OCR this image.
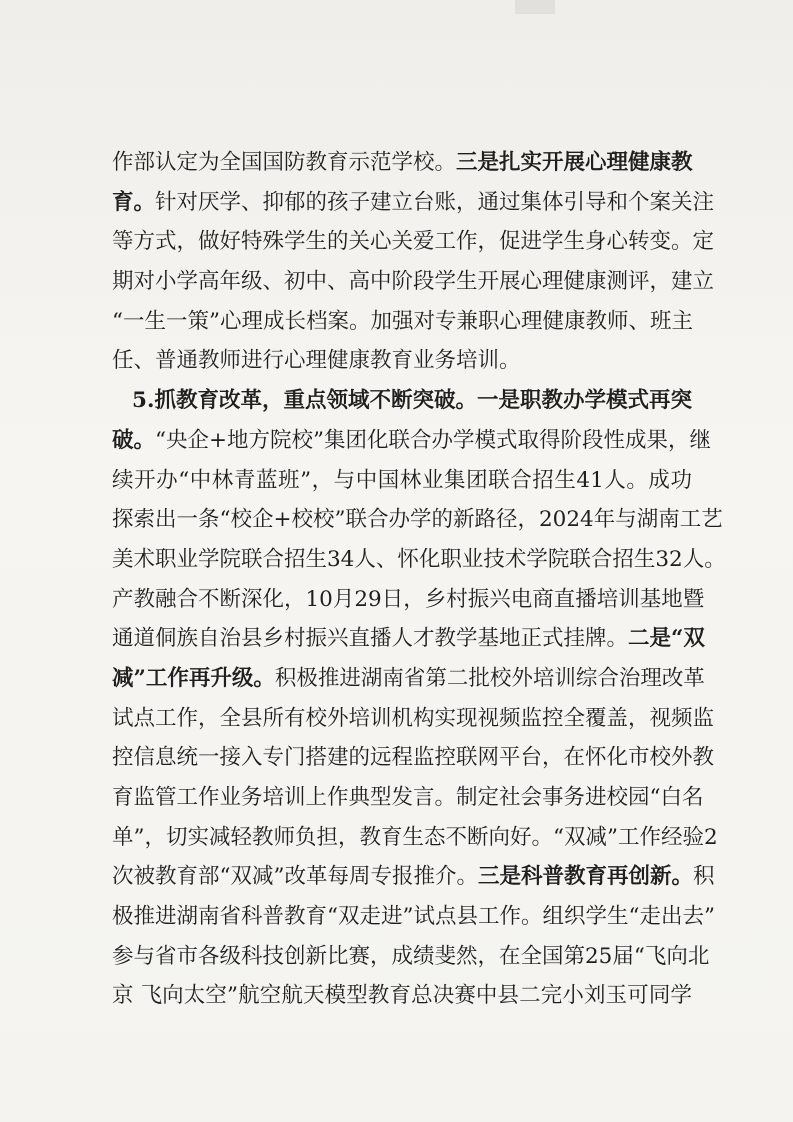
作部认定为全国国防教育示范学校。三是扎实开展心理健康教
育。针对厌学、抑郁的孩子建立台账，通过集体引导和个案关注
等方式，做好特殊学生的关心关爱工作，促进学生身心转变。定
期对小学高年级、初中、高中阶段学生开展心理健康测评，建立
“一生一策”心理成长档案。加强对专兼职心理健康教师、班主
任、普通教师进行心理健康教育业务培训。
5.抓教育改革，重点领域不断突破。一是职教办学模式再突
破。“央企+地方院校”集团化联合办学模式取得阶段性成果，继
续开办“中林青蓝班”，与中国林业集团联合招生41人。成功
探索出一条“校企+校校”联合办学的新路径，2024年与湖南工艺
美术职业学院联合招生34人、怀化职业技术学院联合招生32人。
产教融合不断深化，10月29日，乡村振兴电商直播培训基地暨
通道侗族自治县乡村振兴直播人才教学基地正式挂牌。二是“双
减”工作再升级。积极推进湖南省第二批校外培训综合治理改革
试点工作，全县所有校外培训机构实现视频监控全覆盖，视频监
控信息统一接入专门搭建的远程监控联网平台，在怀化市校外教
育监管工作业务培训上作典型发言。制定社会事务进校园“白名
单”，切实减轻教师负担，教育生态不断向好。“双减”工作经验2
次被教育部“双减”改革每周专报推介。三是科普教育再创新。积
极推进湖南省科普教育“双走进”试点县工作。组织学生“走出去”
参与省市各级科技创新比赛，成绩斐然，在全国第25届“飞向北
京 飞向太空”航空航天模型教育总决赛中县二完小刘玉可同学
